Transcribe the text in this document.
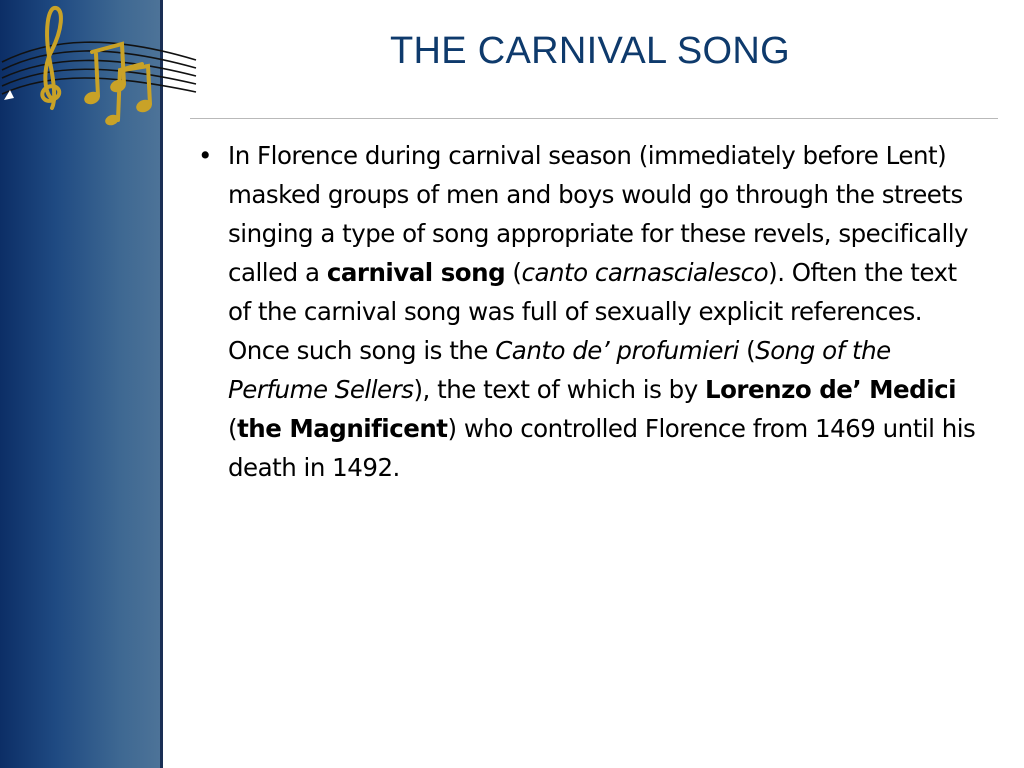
THE CARNIVAL SONG
• In Florence during carnival season (immediately before Lent) masked groups of men and boys would go through the streets singing a type of song appropriate for these revels, specifically called a carnival song (canto carnascialesco). Often the text of the carnival song was full of sexually explicit references. Once such song is the Canto de’ profumieri (Song of the Perfume Sellers), the text of which is by Lorenzo de’ Medici (the Magnificent) who controlled Florence from 1469 until his death in 1492.
